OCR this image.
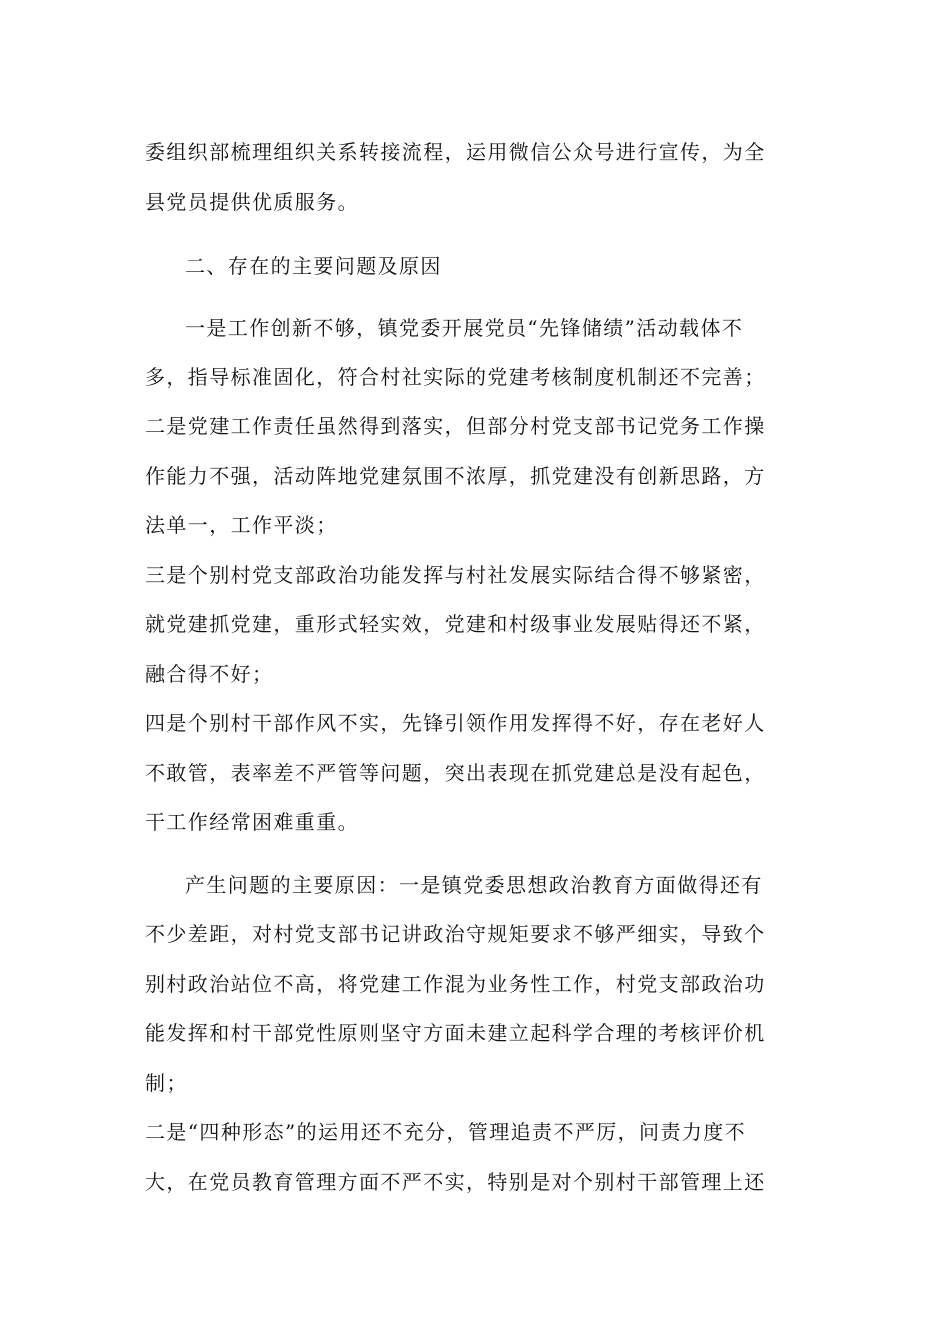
委组织部梳理组织关系转接流程，运用微信公众号进行宣传，为全
县党员提供优质服务。
二、存在的主要问题及原因
一是工作创新不够，镇党委开展党员“先锋储绩”活动载体不
多，指导标准固化，符合村社实际的党建考核制度机制还不完善；
二是党建工作责任虽然得到落实，但部分村党支部书记党务工作操
作能力不强，活动阵地党建氛围不浓厚，抓党建没有创新思路，方
法单一，工作平淡；
三是个别村党支部政治功能发挥与村社发展实际结合得不够紧密，
就党建抓党建，重形式轻实效，党建和村级事业发展贴得还不紧，
融合得不好；
四是个别村干部作风不实，先锋引领作用发挥得不好，存在老好人
不敢管，表率差不严管等问题，突出表现在抓党建总是没有起色，
干工作经常困难重重。
产生问题的主要原因：一是镇党委思想政治教育方面做得还有
不少差距，对村党支部书记讲政治守规矩要求不够严细实，导致个
别村政治站位不高，将党建工作混为业务性工作，村党支部政治功
能发挥和村干部党性原则坚守方面未建立起科学合理的考核评价机
制；
二是“四种形态”的运用还不充分，管理追责不严厉，问责力度不
大，在党员教育管理方面不严不实，特别是对个别村干部管理上还
